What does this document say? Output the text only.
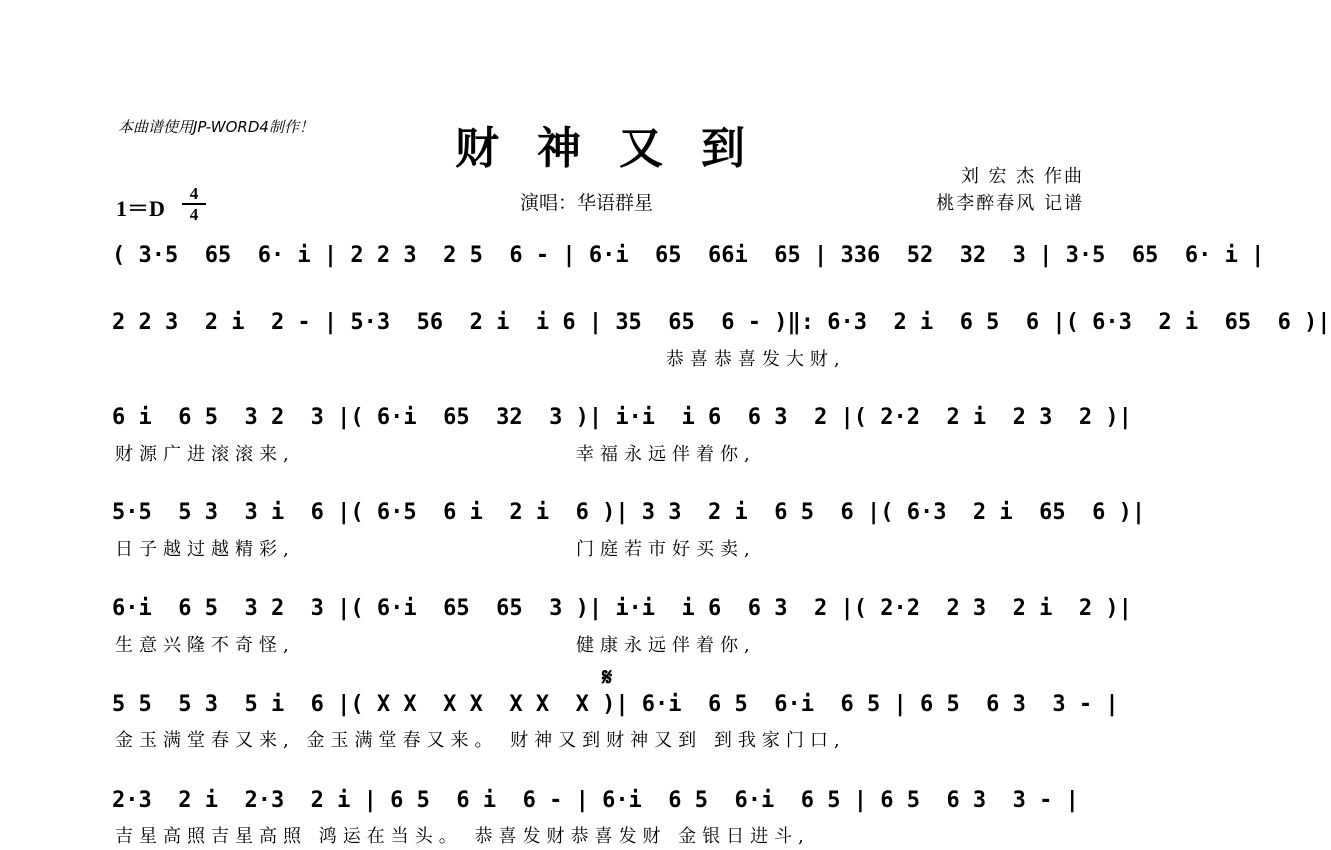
本曲谱使用JP-WORD4制作！	财神又到
1＝D
4
4
演唱：华语群星
刘 宏 杰 作曲
桃李醉春风 记谱
( 3·5  65  6· i | 2 2 3  2 5  6 - | 6·i  65  66i  65 | 336  52  32  3 | 3·5  65  6· i |
2 2 3  2 i  2 - | 5·3  56  2 i  i 6 | 35  65  6 - )‖: 6·3  2 i  6 5  6 |( 6·3  2 i  65  6 )|
恭喜恭喜发大财,
6 i  6 5  3 2  3 |( 6·i  65  32  3 )| i·i  i 6  6 3  2 |( 2·2  2 i  2 3  2 )|
财源广进滚滚来,                        幸福永远伴着你,
5·5  5 3  3 i  6 |( 6·5  6 i  2 i  6 )| 3 3  2 i  6 5  6 |( 6·3  2 i  65  6 )|
日子越过越精彩,                        门庭若市好买卖,
6·i  6 5  3 2  3 |( 6·i  65  65  3 )| i·i  i 6  6 3  2 |( 2·2  2 3  2 i  2 )|
生意兴隆不奇怪,                        健康永远伴着你,
𝄋
5 5  5 3  5 i  6 |( X X  X X  X X  X )| 6·i  6 5  6·i  6 5 | 6 5  6 3  3 - |
金玉满堂春又来, 金玉满堂春又来。 财神又到财神又到 到我家门口,
2·3  2 i  2·3  2 i | 6 5  6 i  6 - | 6·i  6 5  6·i  6 5 | 6 5  6 3  3 - |
吉星高照吉星高照 鸿运在当头。 恭喜发财恭喜发财 金银日进斗,
